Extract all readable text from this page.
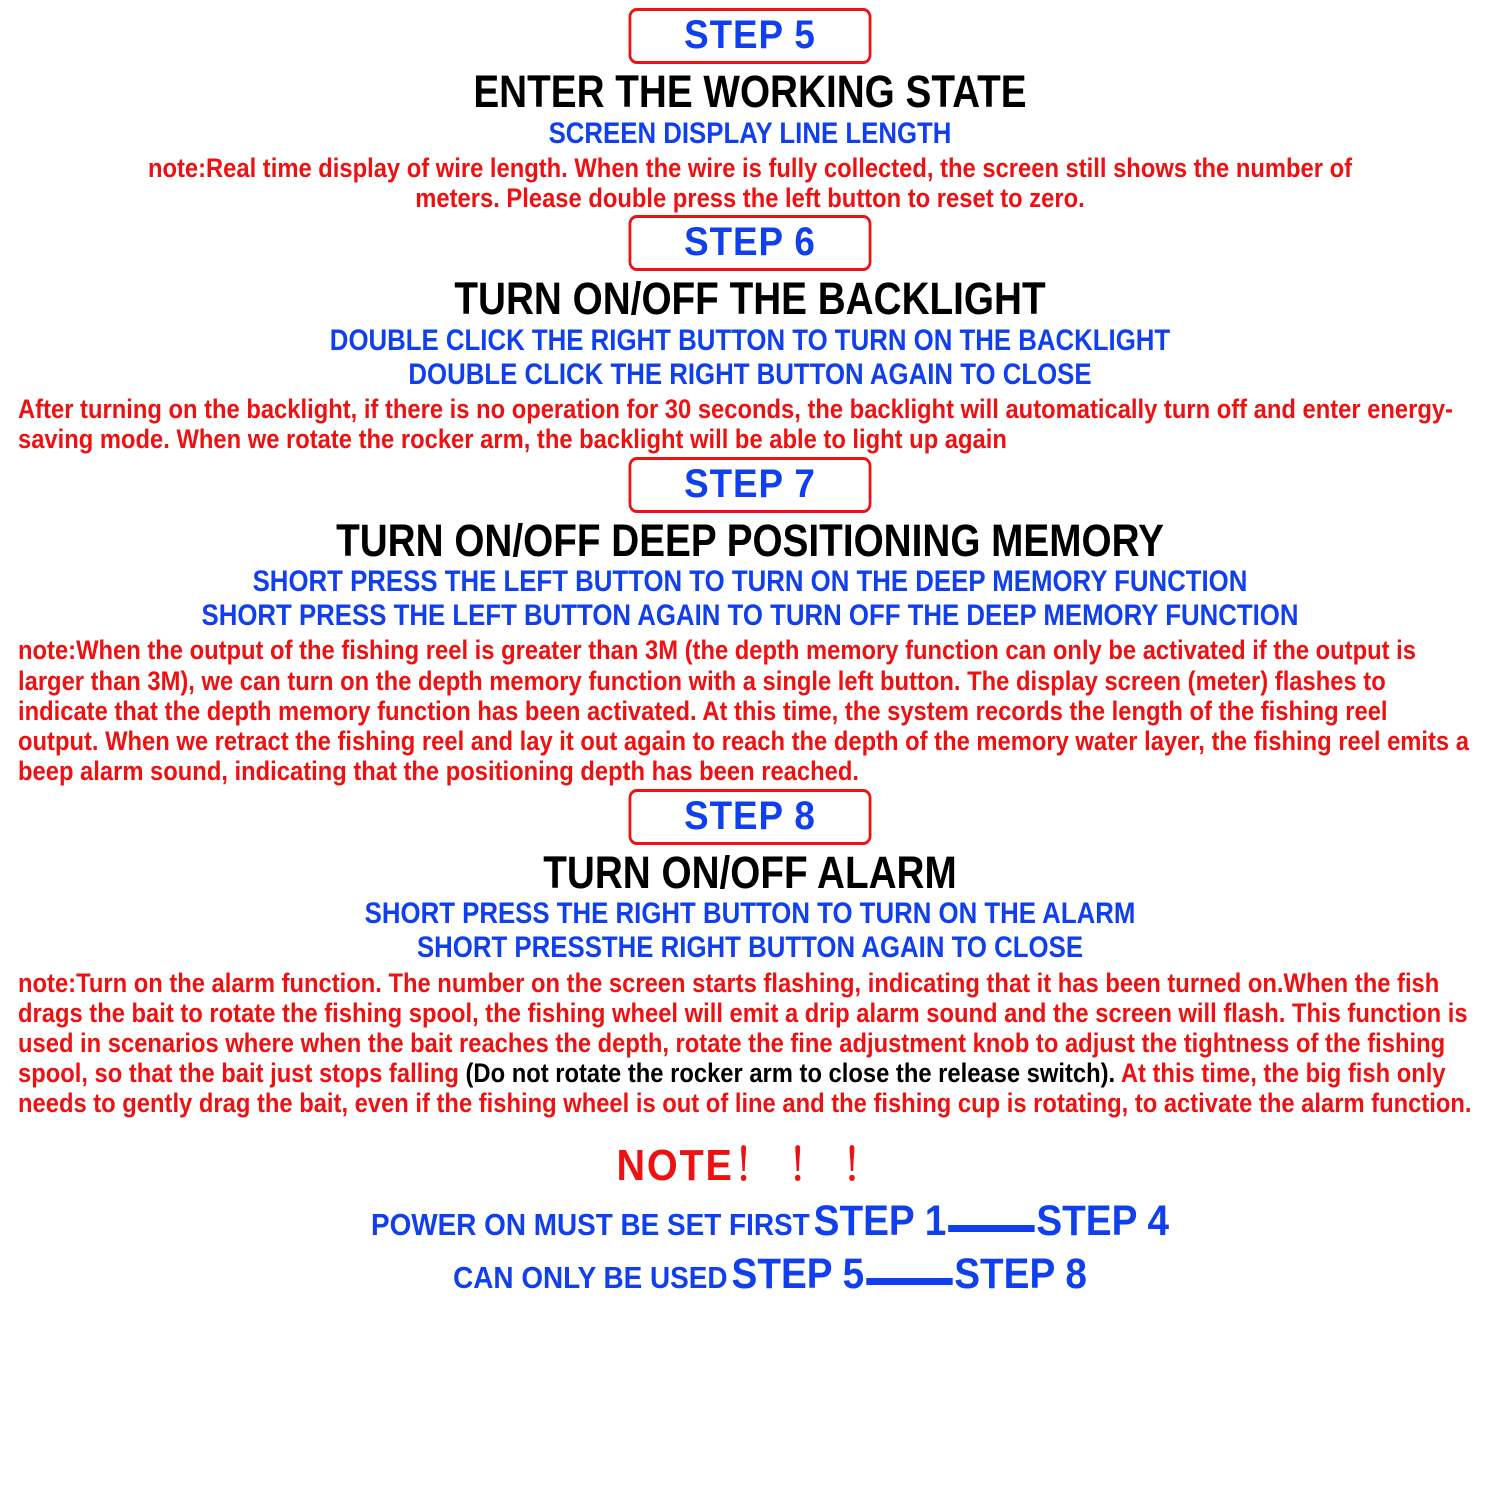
STEP 5
ENTER THE WORKING STATE
SCREEN DISPLAY LINE LENGTH
note:Real time display of wire length. When the wire is fully collected, the screen still shows the number of meters. Please double press the left button to reset to zero.
STEP 6
TURN ON/OFF THE BACKLIGHT
DOUBLE CLICK THE RIGHT BUTTON TO TURN ON THE BACKLIGHT
DOUBLE CLICK THE RIGHT BUTTON AGAIN TO CLOSE
After turning on the backlight, if there is no operation for 30 seconds, the backlight will automatically turn off and enter energy-saving mode. When we rotate the rocker arm, the backlight will be able to light up again
STEP 7
TURN ON/OFF DEEP POSITIONING MEMORY
SHORT PRESS THE LEFT BUTTON TO TURN ON THE DEEP MEMORY FUNCTION
SHORT PRESS THE LEFT BUTTON AGAIN TO TURN OFF THE DEEP MEMORY FUNCTION
note:When the output of the fishing reel is greater than 3M (the depth memory function can only be activated if the output is larger than 3M), we can turn on the depth memory function with a single left button. The display screen (meter) flashes to indicate that the depth memory function has been activated. At this time, the system records the length of the fishing reel output. When we retract the fishing reel and lay it out again to reach the depth of the memory water layer, the fishing reel emits a beep alarm sound, indicating that the positioning depth has been reached.
STEP 8
TURN ON/OFF ALARM
SHORT PRESS THE RIGHT BUTTON TO TURN ON THE ALARM
SHORT PRESSTHE RIGHT BUTTON AGAIN TO CLOSE
note:Turn on the alarm function. The number on the screen starts flashing, indicating that it has been turned on.When the fish drags the bait to rotate the fishing spool, the fishing wheel will emit a drip alarm sound and the screen will flash. This function is used in scenarios where when the bait reaches the depth, rotate the fine adjustment knob to adjust the tightness of the fishing spool, so that the bait just stops falling (Do not rotate the rocker arm to close the release switch). At this time, the big fish only needs to gently drag the bait, even if the fishing wheel is out of line and the fishing cup is rotating, to activate the alarm function.
NOTE！ ！ ！
POWER ON MUST BE SET FIRST STEP 1 STEP 4
CAN ONLY BE USED STEP 5 STEP 8
